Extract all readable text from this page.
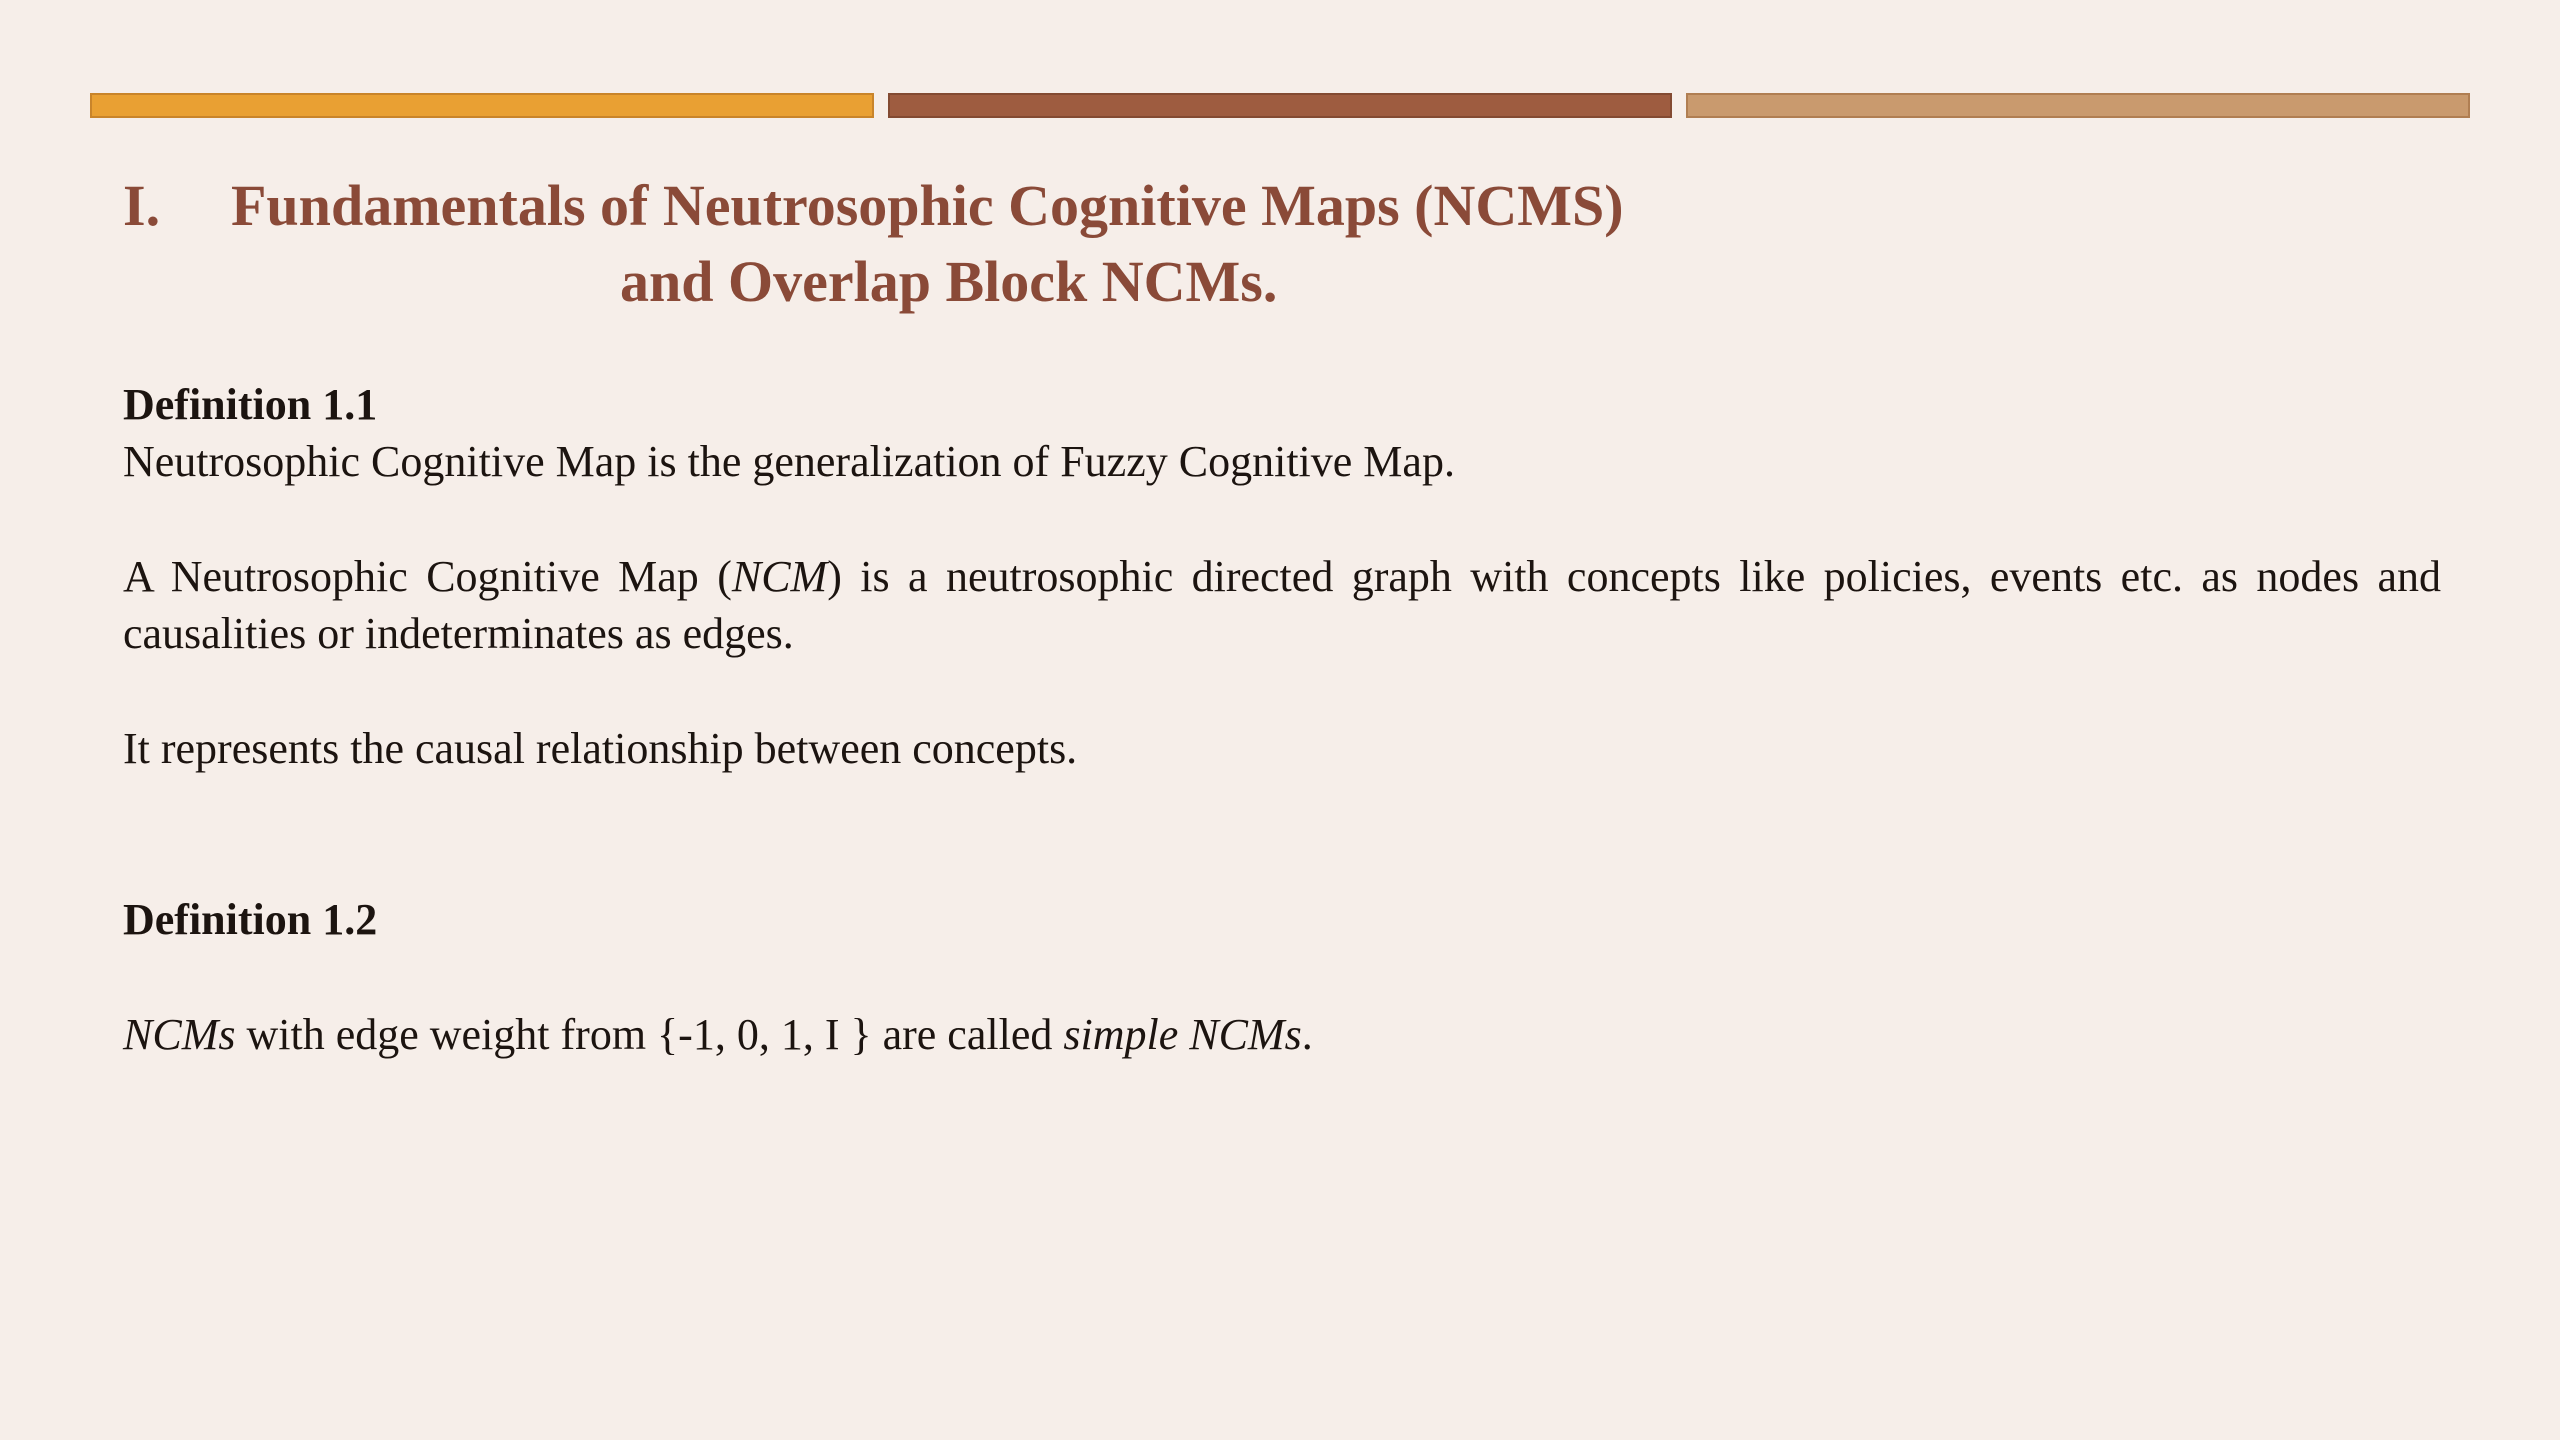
I. Fundamentals of Neutrosophic Cognitive Maps (NCMS)
and Overlap Block NCMs.
Definition 1.1

Neutrosophic Cognitive Map is the generalization of Fuzzy Cognitive Map.

A Neutrosophic Cognitive Map (NCM) is a neutrosophic directed graph with concepts like policies, events etc. as nodes and causalities or indeterminates as edges.

It represents the causal relationship between concepts.

Definition 1.2

NCMs with edge weight from {-1, 0, 1, I } are called simple NCMs.
